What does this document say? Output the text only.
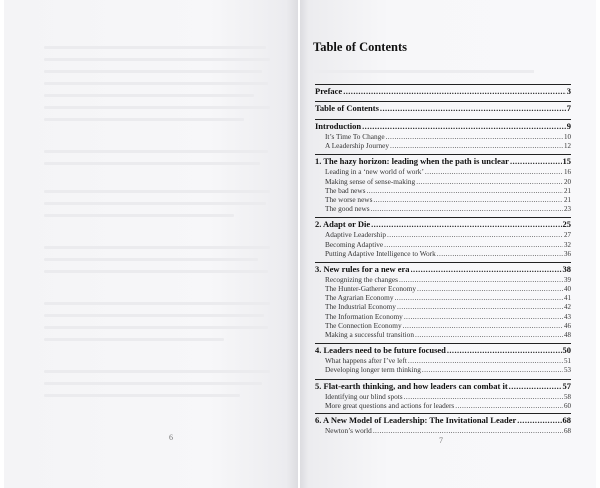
6
Table of Contents
Preface .....	3
Table of Contents .....	7
Introduction .....	9
It’s Time To Change .....	10
A Leadership Journey .....	12
1. The hazy horizon: leading when the path is unclear .....	15
Leading in a ‘new world of work’ .....	16
Making sense of sense-making .....	20
The bad news .....	21
The worse news .....	21
The good news .....	23
2. Adapt or Die .....	25
Adaptive Leadership .....	27
Becoming Adaptive .....	32
Putting Adaptive Intelligence to Work .....	36
3. New rules for a new era .....	38
Recognizing the changes .....	39
The Hunter-Gatherer Economy .....	40
The Agrarian Economy .....	41
The Industrial Economy .....	42
The Information Economy .....	43
The Connection Economy .....	46
Making a successful transition .....	48
4. Leaders need to be future focused .....	50
What happens after I’ve left .....	51
Developing longer term thinking .....	53
5. Flat-earth thinking, and how leaders can combat it .....	57
Identifying our blind spots .....	58
More great questions and actions for leaders .....	60
6. A New Model of Leadership: The Invitational Leader .....	68
Newton’s world .....	68
7
